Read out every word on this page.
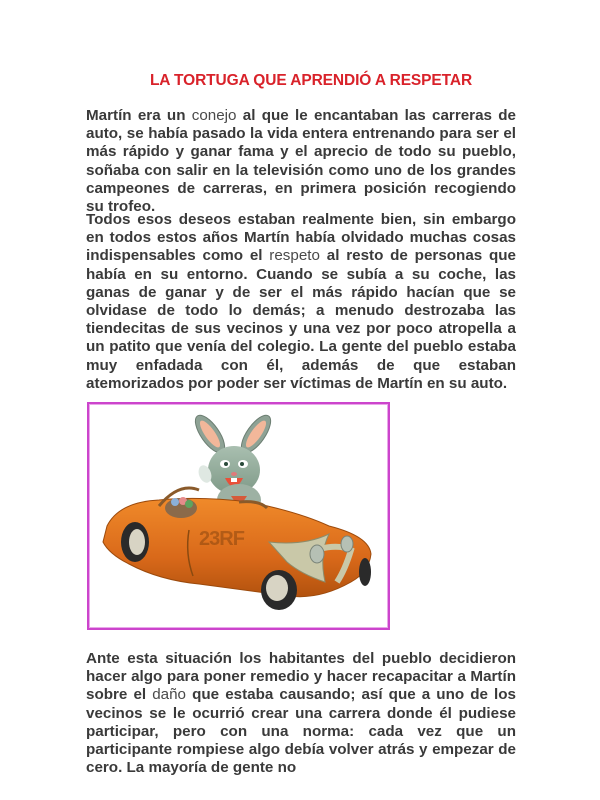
LA TORTUGA QUE APRENDIÓ A RESPETAR

Martín era un conejo al que le encantaban las carreras de auto, se había pasado la vida entera entrenando para ser el más rápido y ganar fama y el aprecio de todo su pueblo, soñaba con salir en la televisión como uno de los grandes campeones de carreras, en primera posición recogiendo su trofeo.

Todos esos deseos estaban realmente bien, sin embargo en todos estos años Martín había olvidado muchas cosas indispensables como el respeto al resto de personas que había en su entorno. Cuando se subía a su coche, las ganas de ganar y de ser el más rápido hacían que se olvidase de todo lo demás; a menudo destrozaba las tiendecitas de sus vecinos y una vez por poco atropella a un patito que venía del colegio. La gente del pueblo estaba muy enfadada con él, además de que estaban atemorizados por poder ser víctimas de Martín en su auto.

23RF

Ante esta situación los habitantes del pueblo decidieron hacer algo para poner remedio y hacer recapacitar a Martín sobre el daño que estaba causando; así que a uno de los vecinos se le ocurrió crear una carrera donde él pudiese participar, pero con una norma: cada vez que un participante rompiese algo debía volver atrás y empezar de cero. La mayoría de gente no
